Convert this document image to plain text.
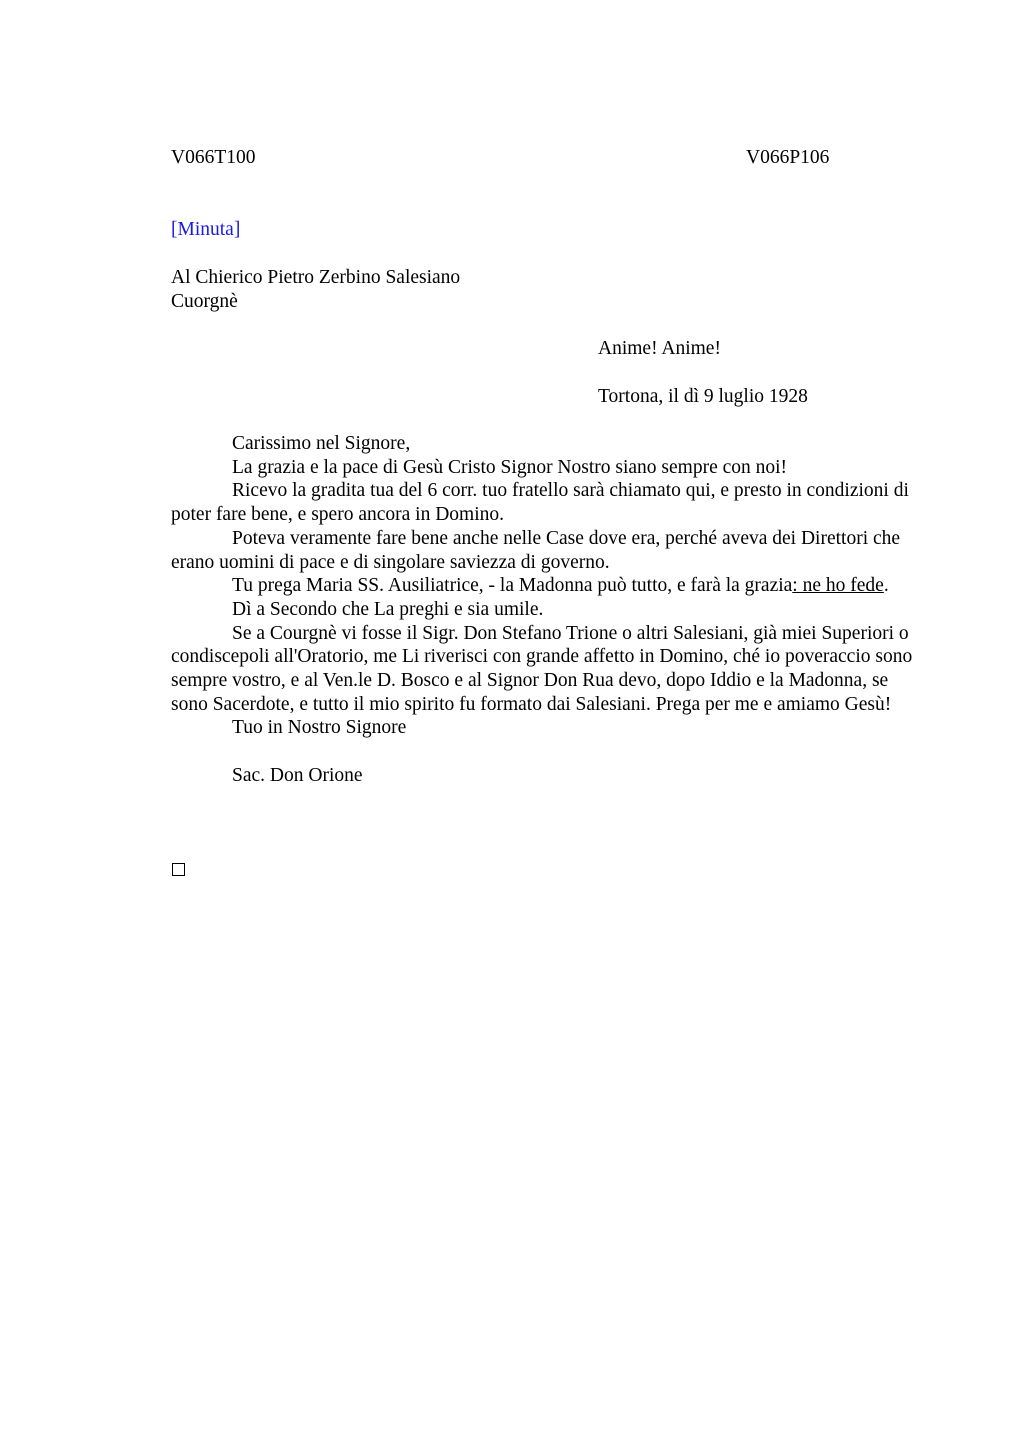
V066T100	V066P106
[Minuta]
Al Chierico Pietro Zerbino Salesiano
Cuorgnè
Anime! Anime!
Tortona, il dì 9 luglio 1928

Carissimo nel Signore,

La grazia e la pace di Gesù Cristo Signor Nostro siano sempre con noi!

Ricevo la gradita tua del 6 corr. tuo fratello sarà chiamato qui, e presto in condizioni di poter fare bene, e spero ancora in Domino.

Poteva veramente fare bene anche nelle Case dove era, perché aveva dei Direttori che erano uomini di pace e di singolare saviezza di governo.

Tu prega Maria SS. Ausiliatrice, - la Madonna può tutto, e farà la grazia: ne ho fede.

Dì a Secondo che La preghi e sia umile.

Se a Courgnè vi fosse il Sigr. Don Stefano Trione o altri Salesiani, già miei Superiori o condiscepoli all'Oratorio, me Li riverisci con grande affetto in Domino, ché io poveraccio sono sempre vostro, e al Ven.le D. Bosco e al Signor Don Rua devo, dopo Iddio e la Madonna, se sono Sacerdote, e tutto il mio spirito fu formato dai Salesiani. Prega per me e amiamo Gesù!

Tuo in Nostro Signore

Sac. Don Orione
